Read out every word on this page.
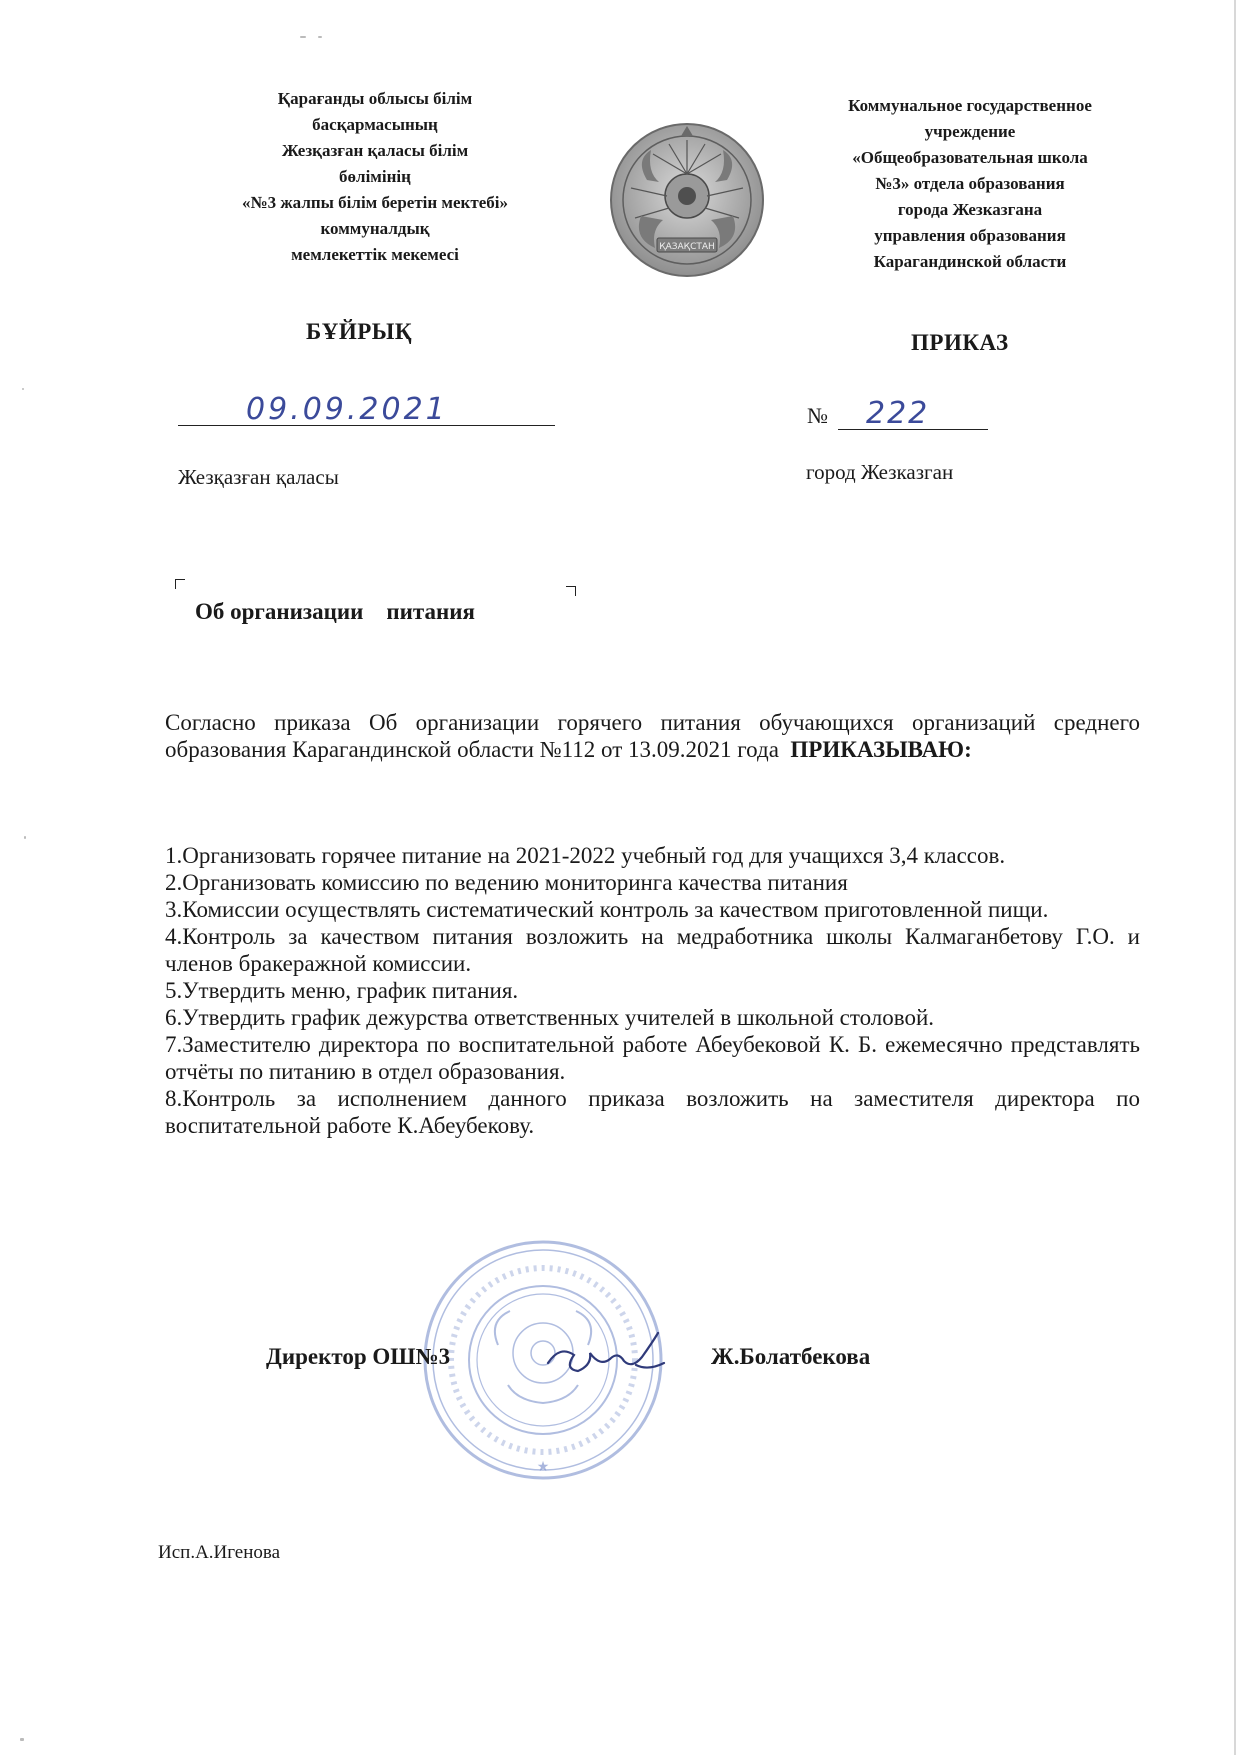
Қарағанды облысы білім
басқармасының
Жезқазған қаласы білім
бөлімінің
«№3 жалпы білім беретін мектебі»
коммуналдық
мемлекеттік мекемесі	ҚАЗАҚСТАН
Коммунальное государственное
учреждение
«Общеобразовательная школа
№3» отдела образования
города Жезказгана
управления образования
Карагандинской области
БҰЙРЫҚ	ПРИКАЗ
09.09.2021	№ 222
Жезқазған қаласы	город Жезказган
Об организации    питания
Согласно приказа Об организации горячего питания обучающихся организаций среднего образования Карагандинской области №112 от 13.09.2021 года ПРИКАЗЫВАЮ:

1.Организовать горячее питание на 2021-2022 учебный год для учащихся 3,4 классов.

2.Организовать комиссию по ведению мониторинга качества питания

3.Комиссии осуществлять систематический контроль за качеством приготовленной пищи.

4.Контроль за качеством питания возложить на медработника школы Калмаганбетову Г.О. и членов бракеражной комиссии.

5.Утвердить меню, график питания.

6.Утвердить график дежурства ответственных учителей в школьной столовой.

7.Заместителю директора по воспитательной работе Абеубековой К. Б. ежемесячно представлять отчёты по питанию в отдел образования.

8.Контроль за исполнением данного приказа возложить на заместителя директора по воспитательной работе К.Абеубекову.

★
Директор ОШ№3	Ж.Болатбекова
Исп.А.Игенова
